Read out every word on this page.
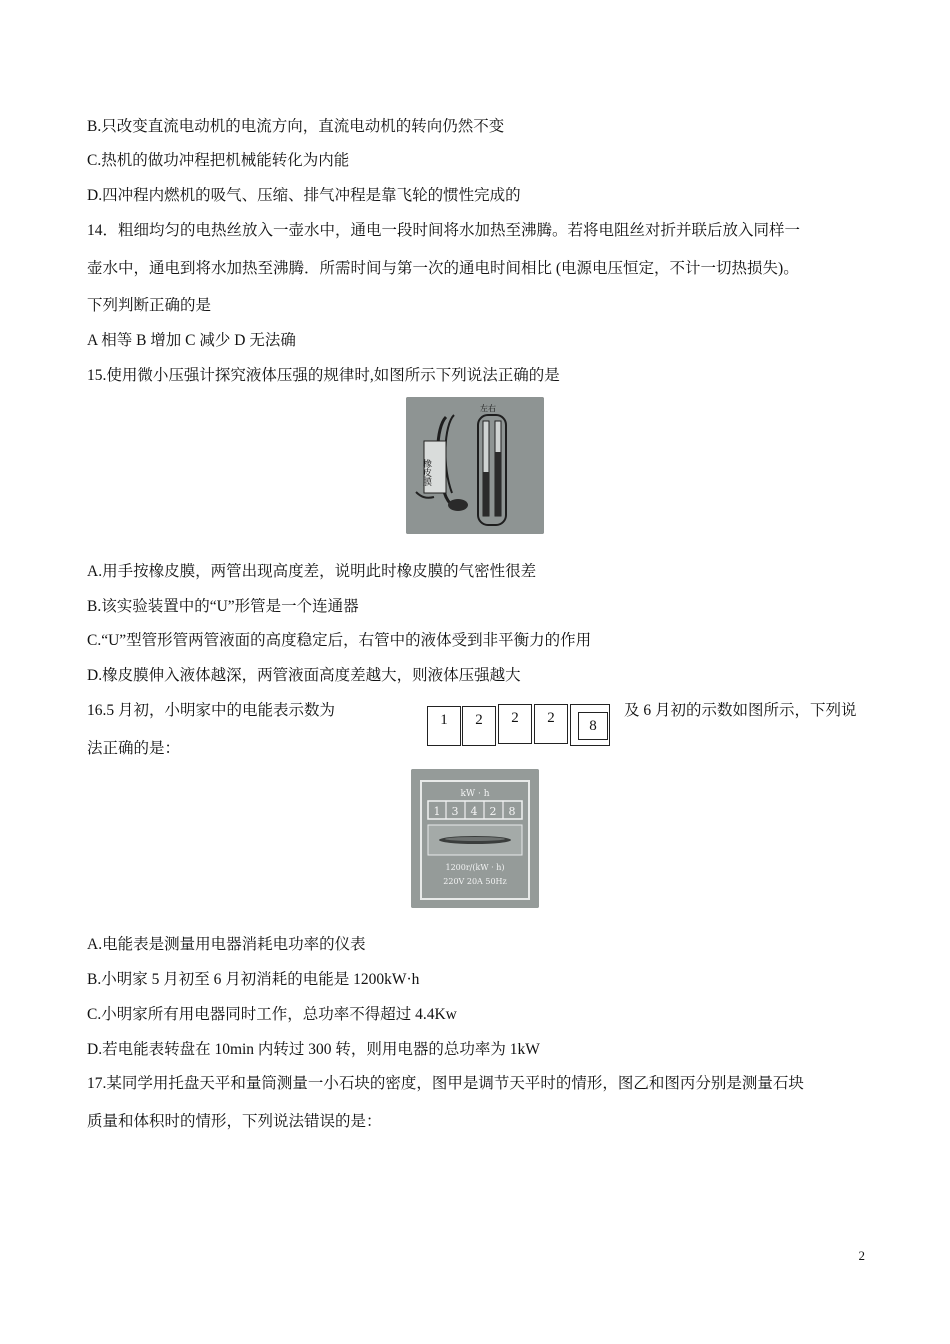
B.只改变直流电动机的电流方向，直流电动机的转向仍然不变
C.热机的做功冲程把机械能转化为内能
D.四冲程内燃机的吸气、压缩、排气冲程是靠飞轮的惯性完成的
14．粗细均匀的电热丝放入一壶水中，通电一段时间将水加热至沸腾。若将电阻丝对折并联后放入同样一
壶水中，通电到将水加热至沸腾．所需时间与第一次的通电时间相比 (电源电压恒定，不计一切热损失)。
下列判断正确的是
A 相等 B 增加 C 减少 D 无法确
15.使用微小压强计探究液体压强的规律时,如图所示下列说法正确的是
橡皮膜
左右
A.用手按橡皮膜，两管出现高度差，说明此时橡皮膜的气密性很差
B.该实验装置中的“U”形管是一个连通器
C.“U”型管形管两管液面的高度稳定后，右管中的液体受到非平衡力的作用
D.橡皮膜伸入液体越深，两管液面高度差越大，则液体压强越大
16.5 月初，小明家中的电能表示数为	及 6 月初的示数如图所示，下列说
1	2	2	2	8
法正确的是：
kW · h
1 3 4 2 8
1200r/(kW · h)
220V 20A 50Hz
A.电能表是测量用电器消耗电功率的仪表
B.小明家 5 月初至 6 月初消耗的电能是 1200kW·h
C.小明家所有用电器同时工作，总功率不得超过 4.4Kw
D.若电能表转盘在 10min 内转过 300 转，则用电器的总功率为 1kW
17.某同学用托盘天平和量筒测量一小石块的密度，图甲是调节天平时的情形，图乙和图丙分别是测量石块
质量和体积时的情形，下列说法错误的是：
2
